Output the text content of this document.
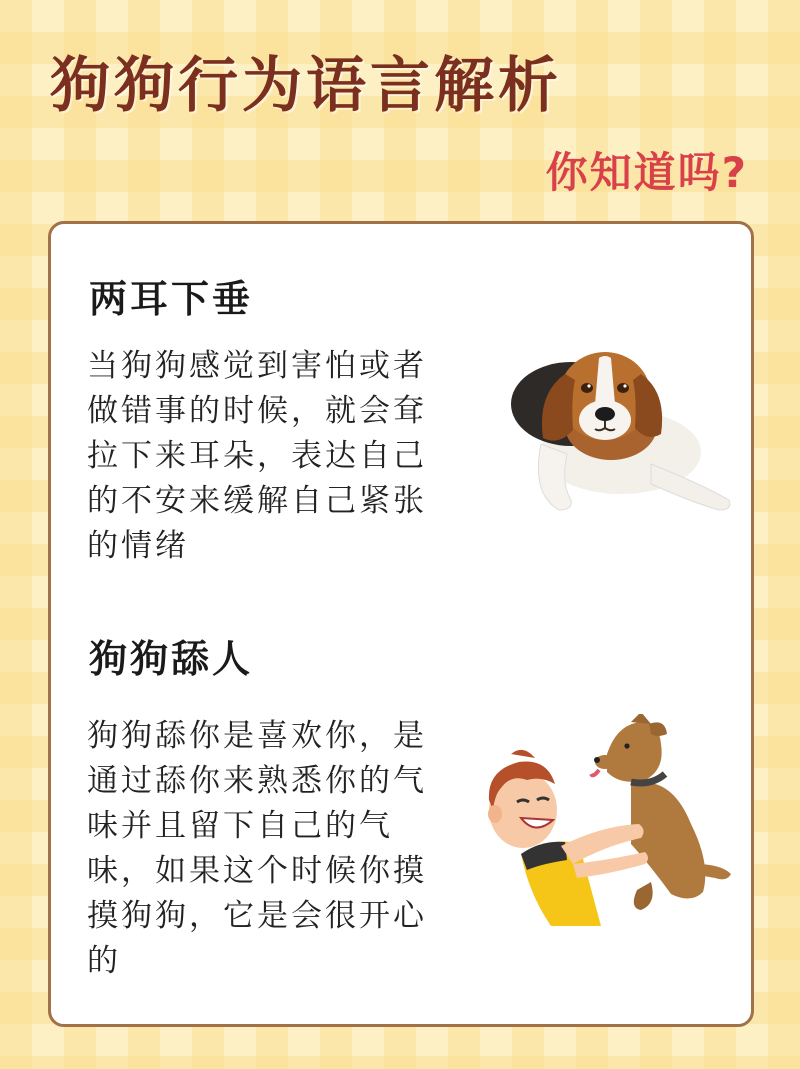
狗狗行为语言解析
你知道吗?
两耳下垂
当狗狗感觉到害怕或者做错事的时候，就会耷拉下来耳朵，表达自己的不安来缓解自己紧张的情绪
狗狗舔人
狗狗舔你是喜欢你，是通过舔你来熟悉你的气味并且留下自己的气味，如果这个时候你摸摸狗狗，它是会很开心的
